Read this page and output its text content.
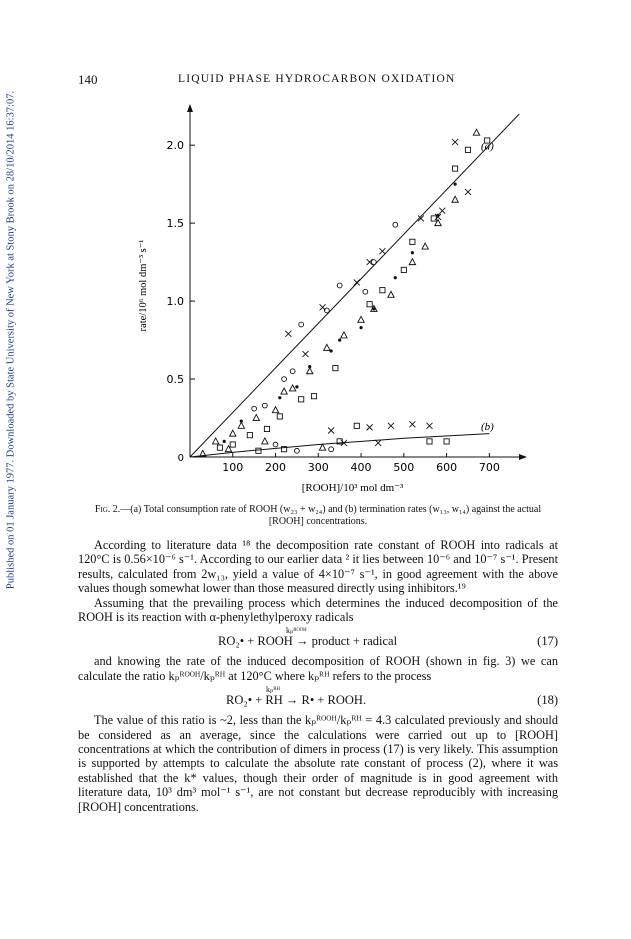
Published on 01 January 1977. Downloaded by State University of New York at Stony Brook on 28/10/2014 16:37:07.
140	LIQUID PHASE HYDROCARBON OXIDATION
100 200 300 400 500 600 700
0.5
1.0
1.5
2.0
0
rate/10⁶ mol dm⁻³ s⁻¹
[ROOH]/10³ mol dm⁻³
(a)
(b)
Fig. 2.—(a) Total consumption rate of ROOH (w₂₃ + w₂₄) and (b) termination rates (w₁₃, w₁₄) against the actual [ROOH] concentrations.

According to literature data ¹⁸ the decomposition rate constant of ROOH into radicals at 120°C is 0.56×10⁻⁶ s⁻¹. According to our earlier data ² it lies between 10⁻⁶ and 10⁻⁷ s⁻¹. Present results, calculated from 2w₁₃, yield a value of 4×10⁻⁷ s⁻¹, in good agreement with the above values though somewhat lower than those measured directly using inhibitors.¹⁹

Assuming that the prevailing process which determines the induced decomposition of the ROOH is its reaction with α-phenylethylperoxy radicals

kₚᴿᴼᴼᴴ
RO₂• + ROOH → product + radical	(17)

and knowing the rate of the induced decomposition of ROOH (shown in fig. 3) we can calculate the ratio kₚᴿᴼᴼᴴ/kₚᴿᴴ at 120°C where kₚᴿᴴ refers to the process

kₚᴿᴴ
RO₂• + RH → R• + ROOH.	(18)

The value of this ratio is ~2, less than the kₚᴿᴼᴼᴴ/kₚᴿᴴ = 4.3 calculated previously and should be considered as an average, since the calculations were carried out up to [ROOH] concentrations at which the contribution of dimers in process (17) is very likely. This assumption is supported by attempts to calculate the absolute rate constant of process (2), where it was established that the k* values, though their order of magnitude is in good agreement with literature data, 10³ dm³ mol⁻¹ s⁻¹, are not constant but decrease reproducibly with increasing [ROOH] concentrations.
